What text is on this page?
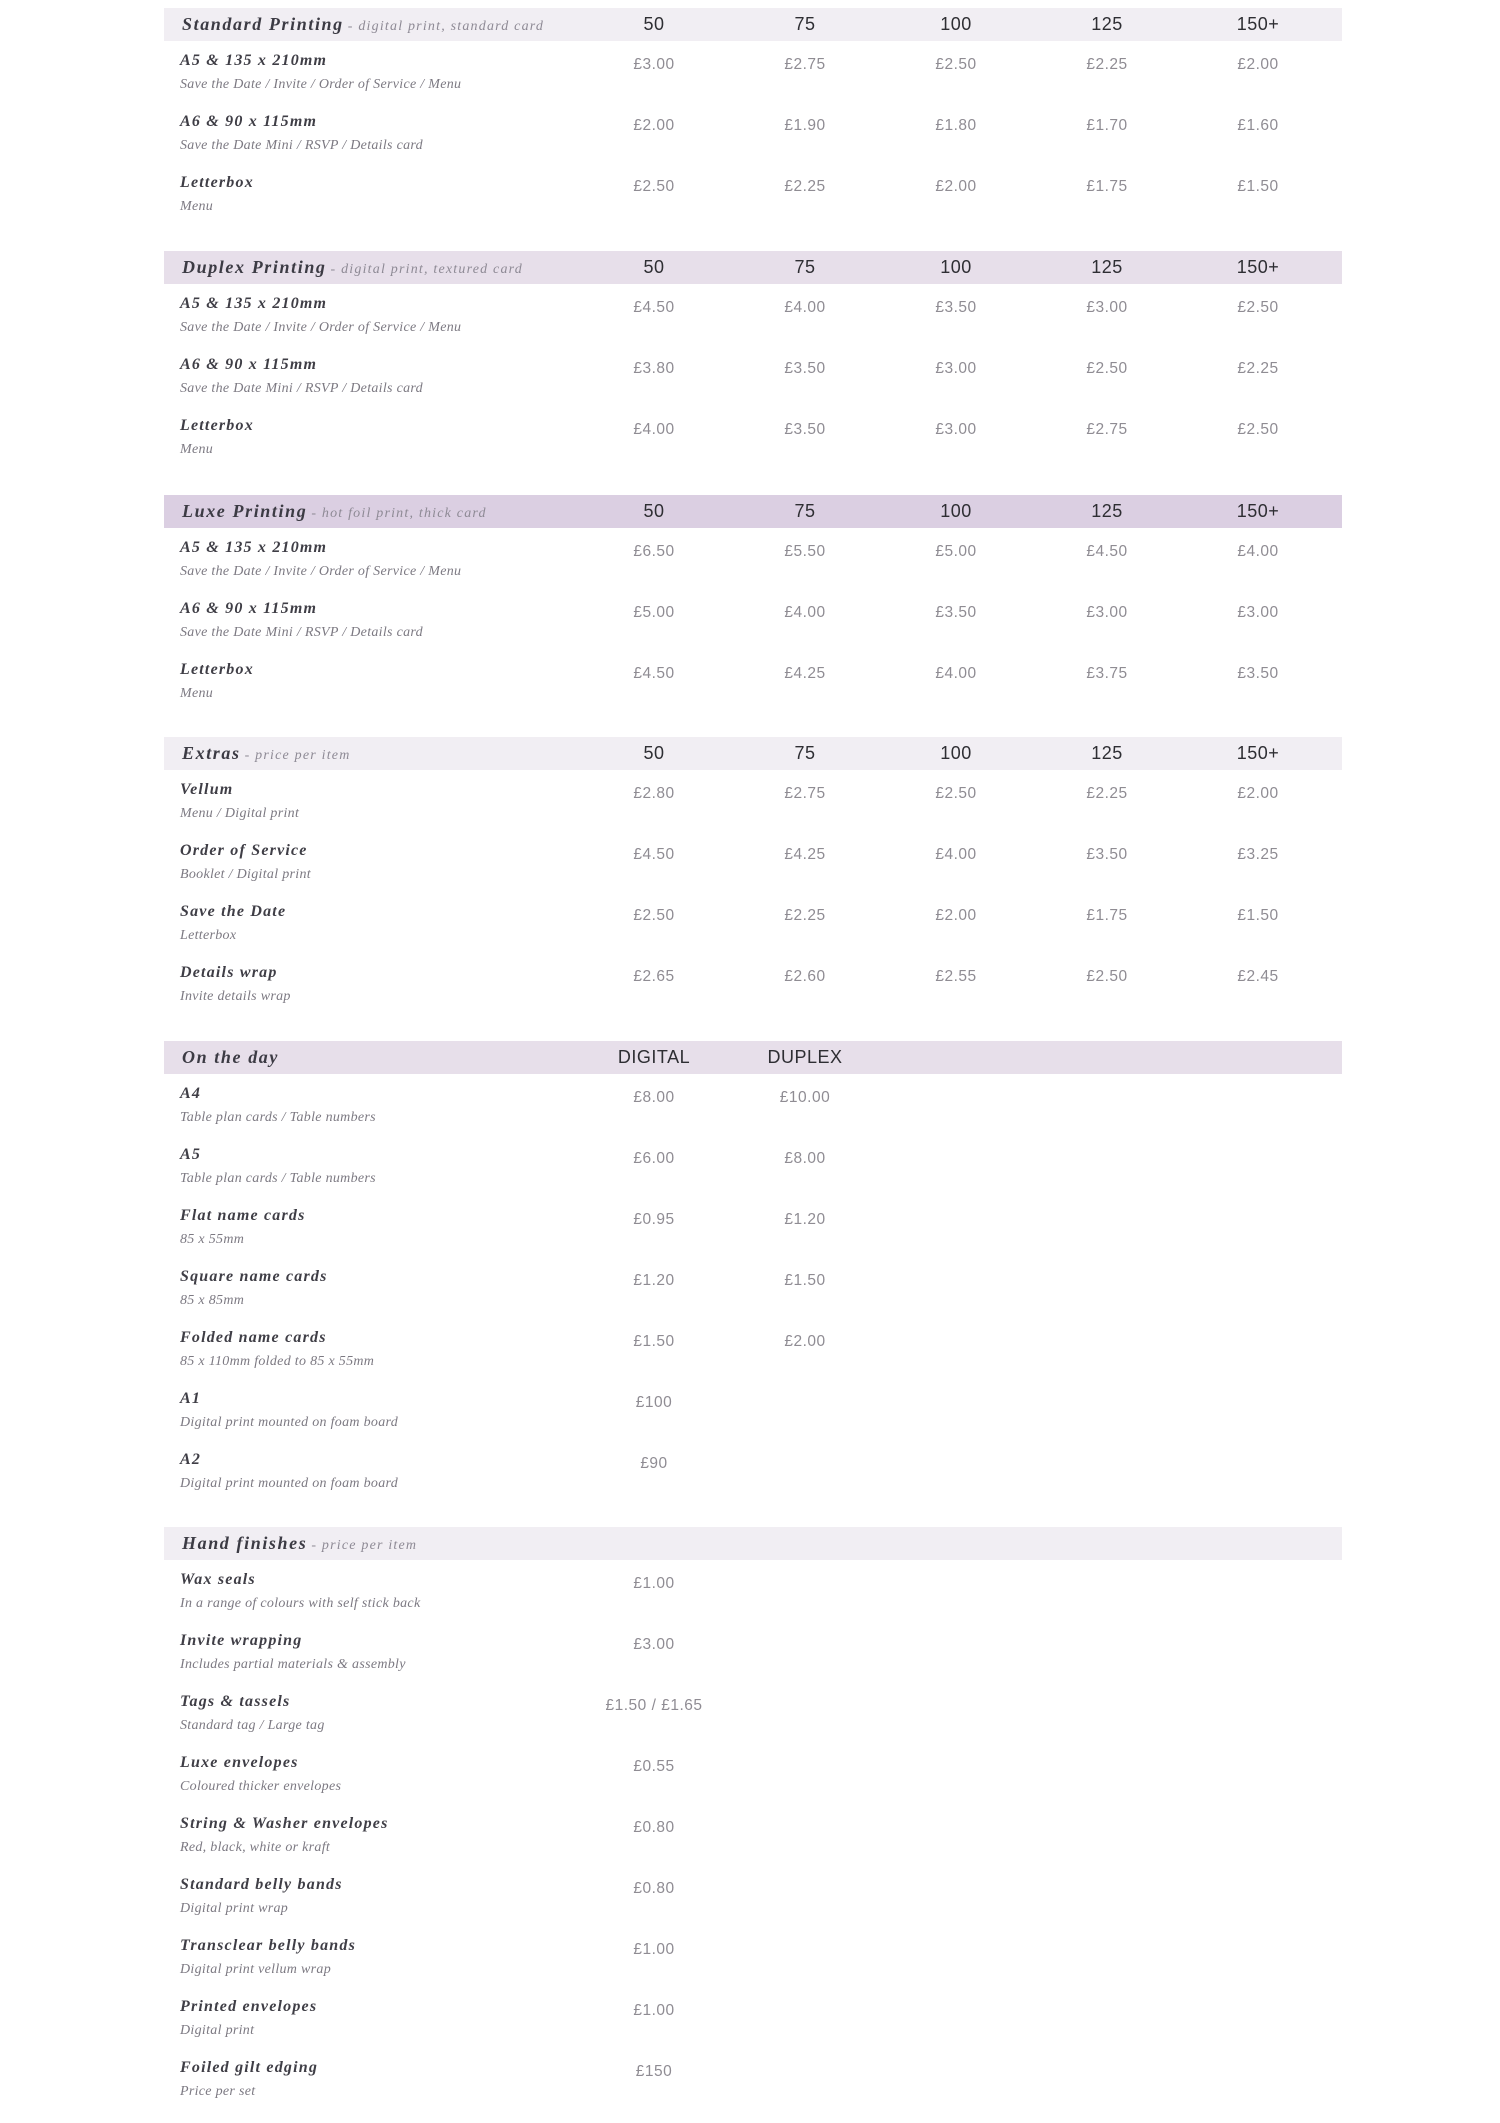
Standard Printing - digital print, standard card	50	75	100	125	150+
A5 & 135 x 210mm
Save the Date / Invite / Order of Service / Menu
£3.00	£2.75	£2.50	£2.25	£2.00
A6 & 90 x 115mm
Save the Date Mini / RSVP / Details card
£2.00	£1.90	£1.80	£1.70	£1.60
Letterbox
Menu
£2.50	£2.25	£2.00	£1.75	£1.50
Duplex Printing - digital print, textured card	50	75	100	125	150+
A5 & 135 x 210mm
Save the Date / Invite / Order of Service / Menu
£4.50	£4.00	£3.50	£3.00	£2.50
A6 & 90 x 115mm
Save the Date Mini / RSVP / Details card
£3.80	£3.50	£3.00	£2.50	£2.25
Letterbox
Menu
£4.00	£3.50	£3.00	£2.75	£2.50
Luxe Printing - hot foil print, thick card	50	75	100	125	150+
A5 & 135 x 210mm
Save the Date / Invite / Order of Service / Menu
£6.50	£5.50	£5.00	£4.50	£4.00
A6 & 90 x 115mm
Save the Date Mini / RSVP / Details card
£5.00	£4.00	£3.50	£3.00	£3.00
Letterbox
Menu
£4.50	£4.25	£4.00	£3.75	£3.50
Extras - price per item	50	75	100	125	150+
Vellum
Menu / Digital print
£2.80	£2.75	£2.50	£2.25	£2.00
Order of Service
Booklet / Digital print
£4.50	£4.25	£4.00	£3.50	£3.25
Save the Date
Letterbox
£2.50	£2.25	£2.00	£1.75	£1.50
Details wrap
Invite details wrap
£2.65	£2.60	£2.55	£2.50	£2.45
On the day	DIGITAL	DUPLEX
A4
Table plan cards / Table numbers
£8.00	£10.00
A5
Table plan cards / Table numbers
£6.00	£8.00
Flat name cards
85 x 55mm
£0.95	£1.20
Square name cards
85 x 85mm
£1.20	£1.50
Folded name cards
85 x 110mm folded to 85 x 55mm
£1.50	£2.00
A1
Digital print mounted on foam board
£100
A2
Digital print mounted on foam board
£90
Hand finishes - price per item
Wax seals
In a range of colours with self stick back
£1.00
Invite wrapping
Includes partial materials & assembly
£3.00
Tags & tassels
Standard tag / Large tag
£1.50 / £1.65
Luxe envelopes
Coloured thicker envelopes
£0.55
String & Washer envelopes
Red, black, white or kraft
£0.80
Standard belly bands
Digital print wrap
£0.80
Transclear belly bands
Digital print vellum wrap
£1.00
Printed envelopes
Digital print
£1.00
Foiled gilt edging
Price per set
£150
